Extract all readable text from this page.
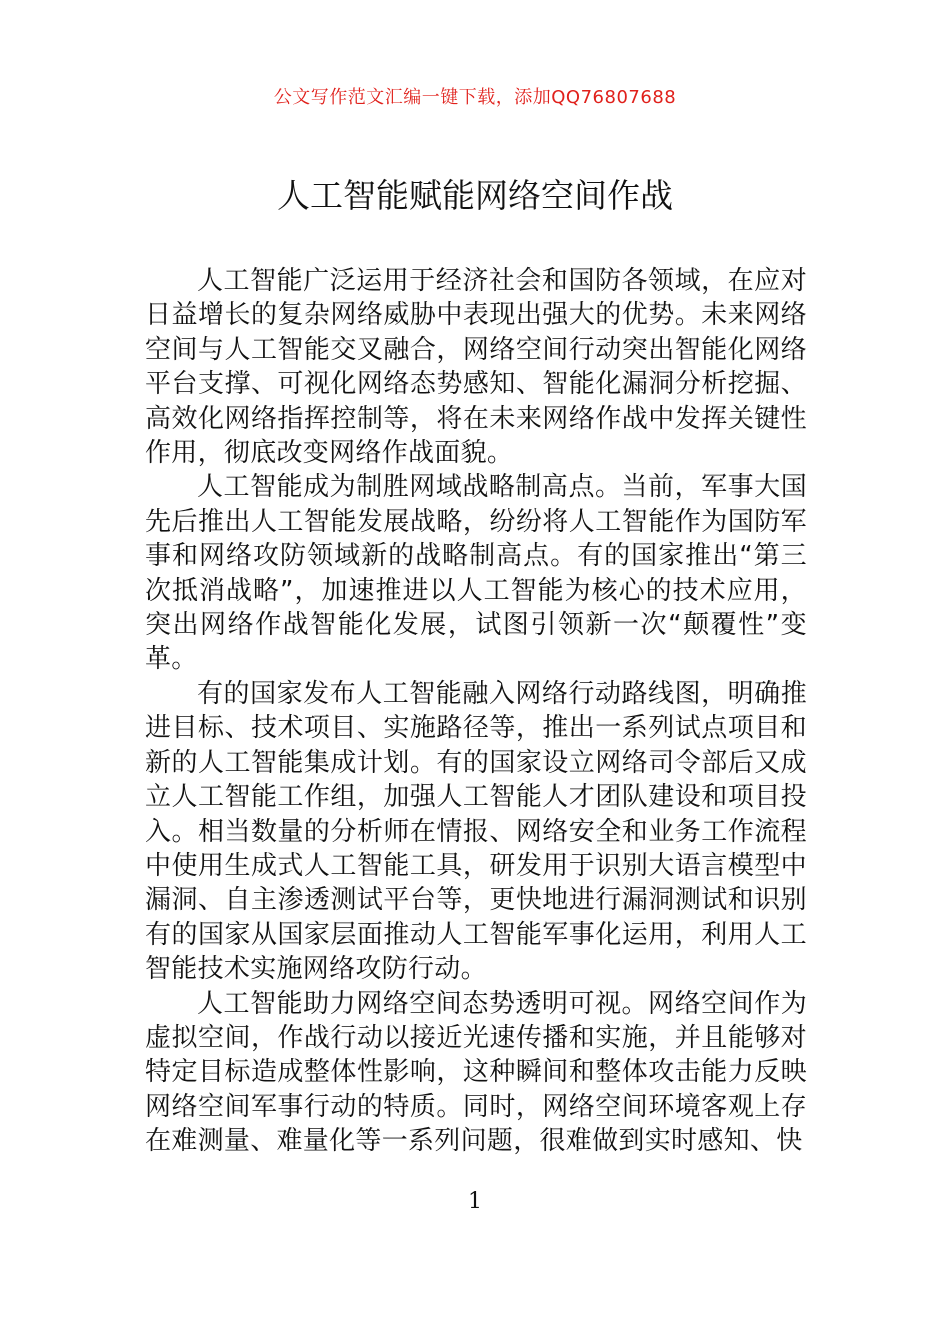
公文写作范文汇编一键下载，添加QQ76807688
人工智能赋能网络空间作战

人工智能广泛运用于经济社会和国防各领域，在应对日益增长的复杂网络威胁中表现出强大的优势。未来网络空间与人工智能交叉融合，网络空间行动突出智能化网络平台支撑、可视化网络态势感知、智能化漏洞分析挖掘、高效化网络指挥控制等，将在未来网络作战中发挥关键性作用，彻底改变网络作战面貌。

人工智能成为制胜网域战略制高点。当前，军事大国先后推出人工智能发展战略，纷纷将人工智能作为国防军事和网络攻防领域新的战略制高点。有的国家推出“第三次抵消战略”，加速推进以人工智能为核心的技术应用，突出网络作战智能化发展，试图引领新一次“颠覆性”变革。

有的国家发布人工智能融入网络行动路线图，明确推进目标、技术项目、实施路径等，推出一系列试点项目和新的人工智能集成计划。有的国家设立网络司令部后又成立人工智能工作组，加强人工智能人才团队建设和项目投入。相当数量的分析师在情报、网络安全和业务工作流程中使用生成式人工智能工具，研发用于识别大语言模型中漏洞、自主渗透测试平台等，更快地进行漏洞测试和识别有的国家从国家层面推动人工智能军事化运用，利用人工智能技术实施网络攻防行动。

人工智能助力网络空间态势透明可视。网络空间作为虚拟空间，作战行动以接近光速传播和实施，并且能够对特定目标造成整体性影响，这种瞬间和整体攻击能力反映网络空间军事行动的特质。同时，网络空间环境客观上存在难测量、难量化等一系列问题，很难做到实时感知、快

1
